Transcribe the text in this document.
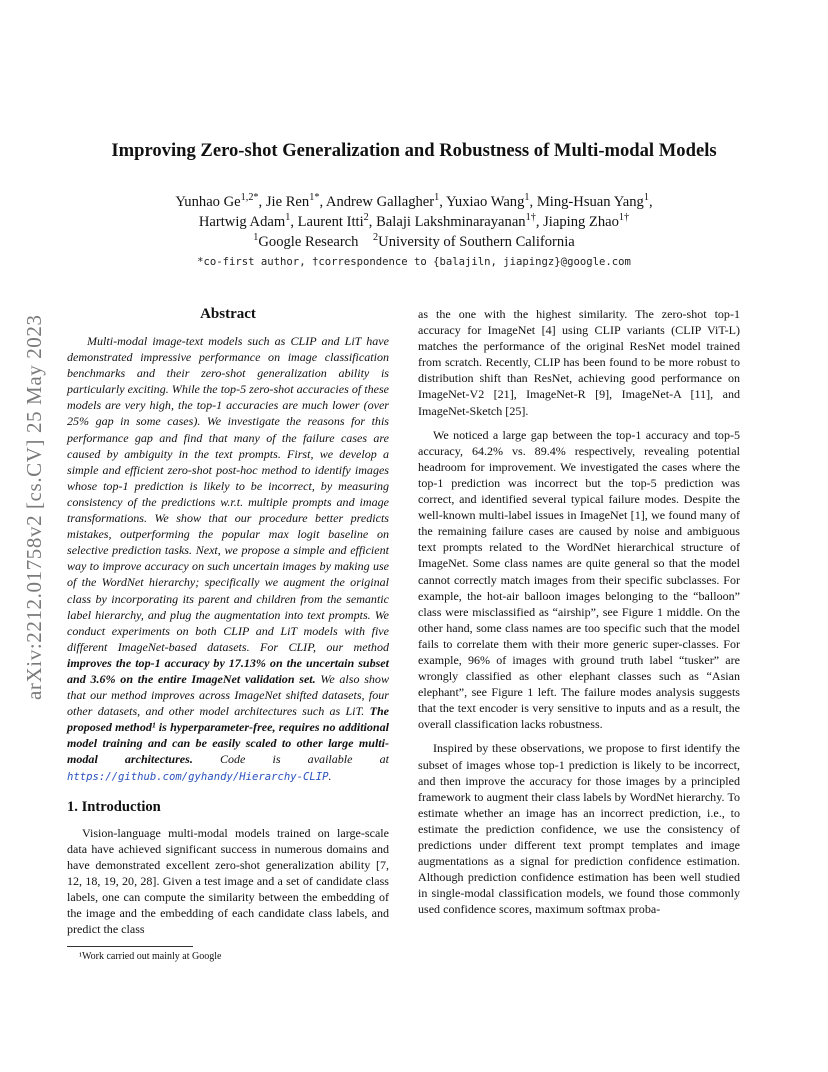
arXiv:2212.01758v2 [cs.CV] 25 May 2023
Improving Zero-shot Generalization and Robustness of Multi-modal Models
Yunhao $Ge^{1,2*}$, Jie Ren$^{1*}$, Andrew Gallagher$^1$, Yuxiao Wang$^1$, Ming-Hsuan Yang$^1$,
Hartwig Adam$^1$, Laurent Itti$^2$, Balaji Lakshminarayanan$^{1\dagger}$, Jiaping Zhao$^{1\dagger}$
$^1$Google Research    $^2$University of Southern California
*co-first author, †correspondence to {balajiln, jiapingz}@google.com
Abstract

Multi-modal image-text models such as CLIP and LiT have demonstrated impressive performance on image classification benchmarks and their zero-shot generalization ability is particularly exciting. While the top-5 zero-shot accuracies of these models are very high, the top-1 accuracies are much lower (over 25% gap in some cases). We investigate the reasons for this performance gap and find that many of the failure cases are caused by ambiguity in the text prompts. First, we develop a simple and efficient zero-shot post-hoc method to identify images whose top-1 prediction is likely to be incorrect, by measuring consistency of the predictions w.r.t. multiple prompts and image transformations. We show that our procedure better predicts mistakes, outperforming the popular max logit baseline on selective prediction tasks. Next, we propose a simple and efficient way to improve accuracy on such uncertain images by making use of the WordNet hierarchy; specifically we augment the original class by incorporating its parent and children from the semantic label hierarchy, and plug the augmentation into text prompts. We conduct experiments on both CLIP and LiT models with five different ImageNet-based datasets. For CLIP, our method improves the top-1 accuracy by 17.13% on the uncertain subset and 3.6% on the entire ImageNet validation set. We also show that our method improves across ImageNet shifted datasets, four other datasets, and other model architectures such as LiT. The proposed method¹ is hyperparameter-free, requires no additional model training and can be easily scaled to other large multi-modal architectures. Code is available at https://github.com/gyhandy/Hierarchy-CLIP.

1. Introduction

Vision-language multi-modal models trained on large-scale data have achieved significant success in numerous domains and have demonstrated excellent zero-shot generalization ability [7, 12, 18, 19, 20, 28]. Given a test image and a set of candidate class labels, one can compute the similarity between the embedding of the image and the embedding of each candidate class labels, and predict the class

as the one with the highest similarity. The zero-shot top-1 accuracy for ImageNet [4] using CLIP variants (CLIP ViT-L) matches the performance of the original ResNet model trained from scratch. Recently, CLIP has been found to be more robust to distribution shift than ResNet, achieving good performance on ImageNet-V2 [21], ImageNet-R [9], ImageNet-A [11], and ImageNet-Sketch [25].

We noticed a large gap between the top-1 accuracy and top-5 accuracy, 64.2% vs. 89.4% respectively, revealing potential headroom for improvement. We investigated the cases where the top-1 prediction was incorrect but the top-5 prediction was correct, and identified several typical failure modes. Despite the well-known multi-label issues in ImageNet [1], we found many of the remaining failure cases are caused by noise and ambiguous text prompts related to the WordNet hierarchical structure of ImageNet. Some class names are quite general so that the model cannot correctly match images from their specific subclasses. For example, the hot-air balloon images belonging to the “balloon” class were misclassified as “airship”, see Figure 1 middle. On the other hand, some class names are too specific such that the model fails to correlate them with their more generic super-classes. For example, 96% of images with ground truth label “tusker” are wrongly classified as other elephant classes such as “Asian elephant”, see Figure 1 left. The failure modes analysis suggests that the text encoder is very sensitive to inputs and as a result, the overall classification lacks robustness.

Inspired by these observations, we propose to first identify the subset of images whose top-1 prediction is likely to be incorrect, and then improve the accuracy for those images by a principled framework to augment their class labels by WordNet hierarchy. To estimate whether an image has an incorrect prediction, i.e., to estimate the prediction confidence, we use the consistency of predictions under different text prompt templates and image augmentations as a signal for prediction confidence estimation. Although prediction confidence estimation has been well studied in single-modal classification models, we found those commonly used confidence scores, maximum softmax proba-

¹Work carried out mainly at Google
